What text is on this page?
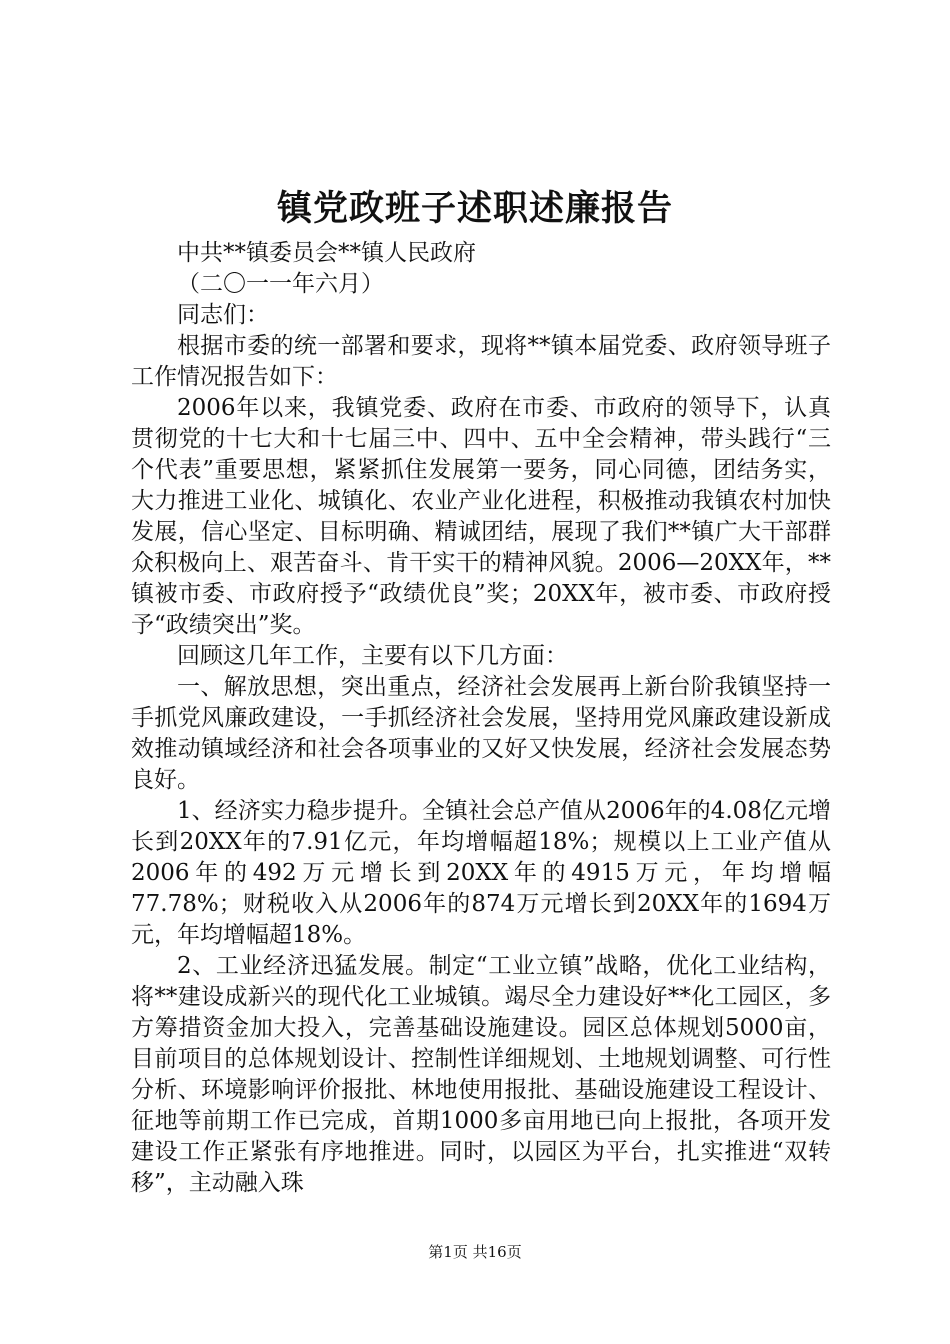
镇党政班子述职述廉报告

中共**镇委员会**镇人民政府

（二〇一一年六月）

同志们：

根据市委的统一部署和要求，现将**镇本届党委、政府领导班子工作情况报告如下：

2006年以来，我镇党委、政府在市委、市政府的领导下，认真贯彻党的十七大和十七届三中、四中、五中全会精神，带头践行“三个代表”重要思想，紧紧抓住发展第一要务，同心同德，团结务实，大力推进工业化、城镇化、农业产业化进程，积极推动我镇农村加快发展，信心坚定、目标明确、精诚团结，展现了我们**镇广大干部群众积极向上、艰苦奋斗、肯干实干的精神风貌。2006—20XX年，**镇被市委、市政府授予“政绩优良”奖；20XX年，被市委、市政府授予“政绩突出”奖。

回顾这几年工作，主要有以下几方面：

一、解放思想，突出重点，经济社会发展再上新台阶我镇坚持一手抓党风廉政建设，一手抓经济社会发展，坚持用党风廉政建设新成效推动镇域经济和社会各项事业的又好又快发展，经济社会发展态势良好。

1、经济实力稳步提升。全镇社会总产值从2006年的4.08亿元增长到20XX年的7.91亿元，年均增幅超18%；规模以上工业产值从2006年的492万元增长到20XX年的4915万元，年均增幅77.78%；财税收入从2006年的874万元增长到20XX年的1694万元，年均增幅超18%。

2、工业经济迅猛发展。制定“工业立镇”战略，优化工业结构，将**建设成新兴的现代化工业城镇。竭尽全力建设好**化工园区，多方筹措资金加大投入，完善基础设施建设。园区总体规划5000亩，目前项目的总体规划设计、控制性详细规划、土地规划调整、可行性分析、环境影响评价报批、林地使用报批、基础设施建设工程设计、征地等前期工作已完成，首期1000多亩用地已向上报批，各项开发建设工作正紧张有序地推进。同时，以园区为平台，扎实推进“双转移”，主动融入珠

第1页 共16页
